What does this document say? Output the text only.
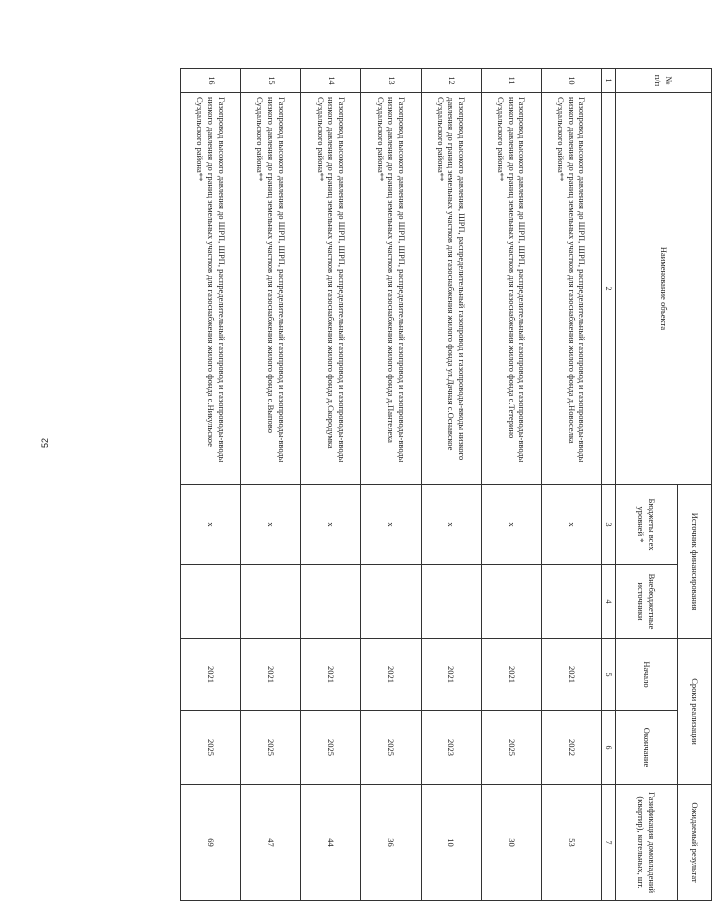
52
№ п/п	Наименование объекта	Источник финансирования		Сроки реализации		Ожидаемый результат
		Бюджеты всех уровней *	Внебюджетные источники	Начало	Окончание	Газификация домовладений (квартир), котельных, шт.
1	2	3	4	5	6	7
10	Газопровод высокого давления до ШРП, ШРП, распределительный газопровод и газопроводы-вводы низкого давления до границ земельных участков для газоснабжения жилого фонда д.Новоселка Суздальского района**	x		2021	2022	53
11	Газопровод высокого давления до ШРП, ШРП, распределительный газопровод и газопроводы-вводы низкого давления до границ земельных участков для газоснабжения жилого фонда с.Тетерино Суздальского района**	x		2021	2025	30
12	Газопровод высокого давления, ШРП, распределительный газопровод и газопроводы-вводы низкого давления до границ земельных участков для газоснабжения жилого фонда ул.Дачная с.Оснавское Суздальского района**	x		2021	2023	10
13	Газопровод высокого давления до ШРП, ШРП, распределительный газопровод и газопроводы-вводы низкого давления до границ земельных участков для газоснабжения жилого фонда д.Пантелеха Суздальского района**	x		2021	2025	36
14	Газопровод высокого давления до ШРП, ШРП, распределительный газопровод и газопроводы-вводы низкого давления до границ земельных участков для газоснабжения жилого фонда д.Скородумка Суздальского района**	x		2021	2025	44
15	Газопровод высокого давления до ШРП, ШРП, распределительный газопровод и газопроводы-вводы низкого давления до границ земельных участков для газоснабжения жилого фонда с.Выпово Суздальского района**	x		2021	2025	47
16	Газопровод высокого давления до ШРП, ШРП, распределительный газопровод и газопроводы-вводы низкого давления до границ земельных участков для газоснабжения жилого фонда с.Никульское Суздальского района**	x		2021	2025	69
